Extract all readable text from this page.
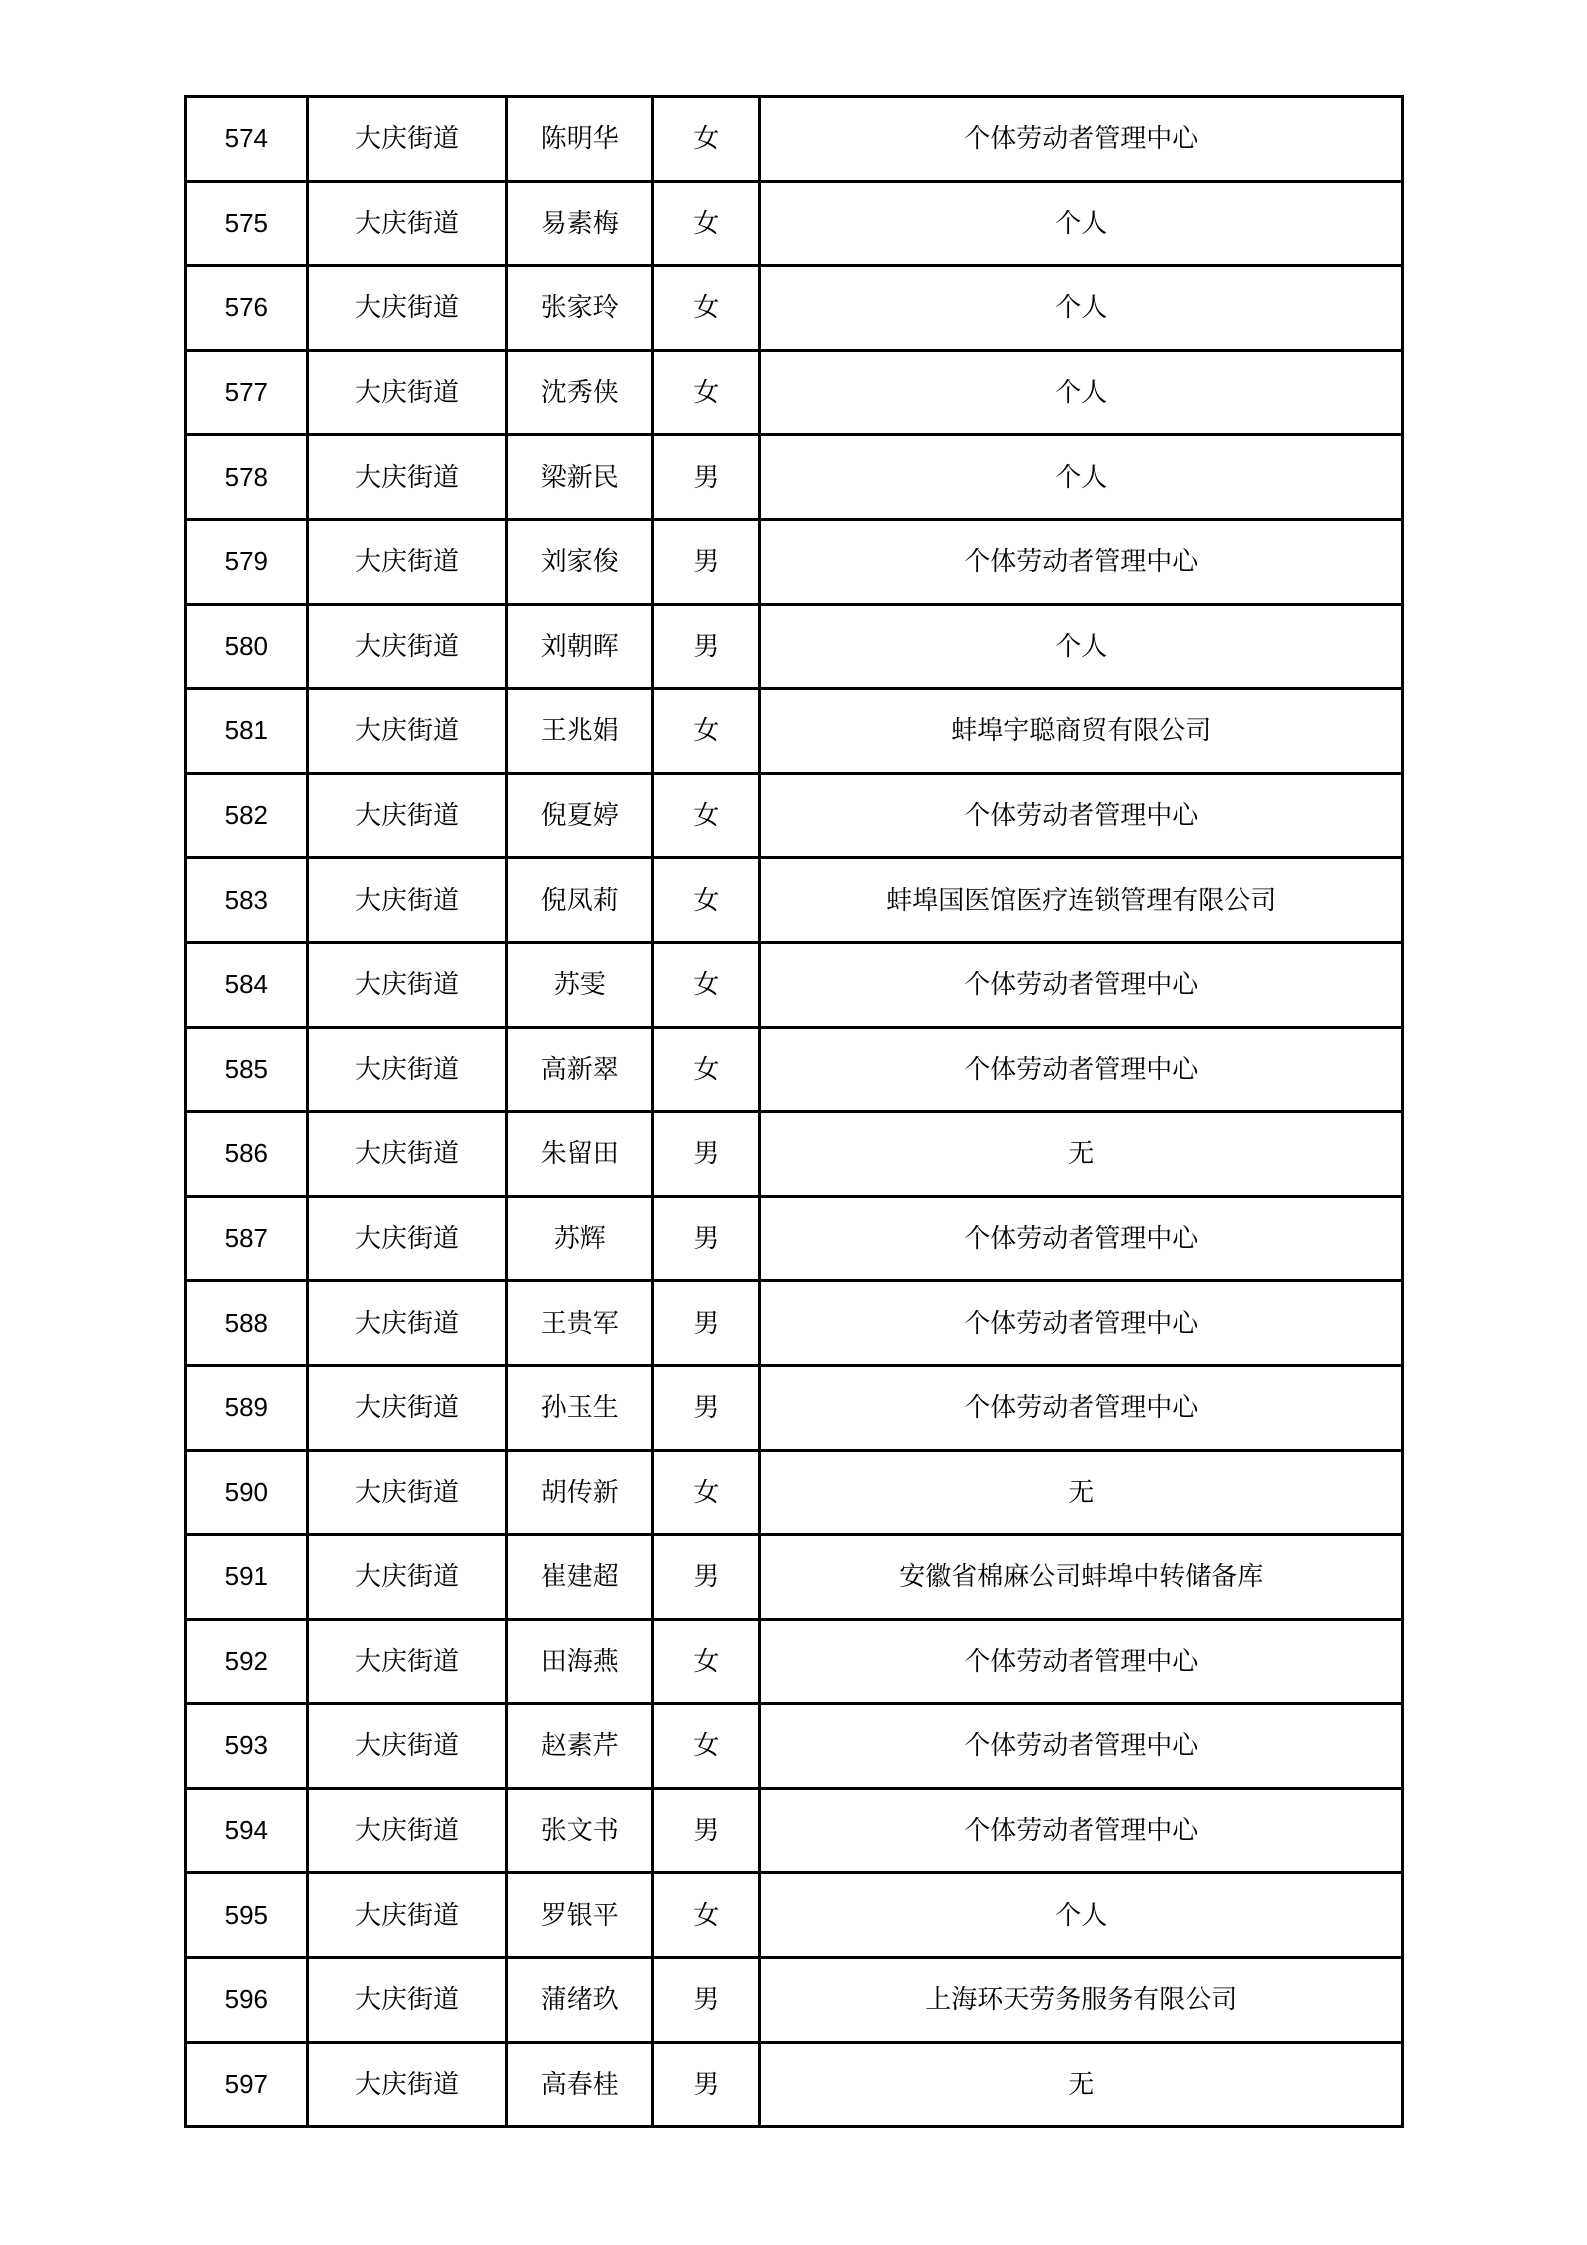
574	大庆街道	陈明华	女	个体劳动者管理中心
575	大庆街道	易素梅	女	个人
576	大庆街道	张家玲	女	个人
577	大庆街道	沈秀侠	女	个人
578	大庆街道	梁新民	男	个人
579	大庆街道	刘家俊	男	个体劳动者管理中心
580	大庆街道	刘朝晖	男	个人
581	大庆街道	王兆娟	女	蚌埠宇聪商贸有限公司
582	大庆街道	倪夏婷	女	个体劳动者管理中心
583	大庆街道	倪凤莉	女	蚌埠国医馆医疗连锁管理有限公司
584	大庆街道	苏雯	女	个体劳动者管理中心
585	大庆街道	高新翠	女	个体劳动者管理中心
586	大庆街道	朱留田	男	无
587	大庆街道	苏辉	男	个体劳动者管理中心
588	大庆街道	王贵军	男	个体劳动者管理中心
589	大庆街道	孙玉生	男	个体劳动者管理中心
590	大庆街道	胡传新	女	无
591	大庆街道	崔建超	男	安徽省棉麻公司蚌埠中转储备库
592	大庆街道	田海燕	女	个体劳动者管理中心
593	大庆街道	赵素芹	女	个体劳动者管理中心
594	大庆街道	张文书	男	个体劳动者管理中心
595	大庆街道	罗银平	女	个人
596	大庆街道	蒲绪玖	男	上海环天劳务服务有限公司
597	大庆街道	高春桂	男	无
